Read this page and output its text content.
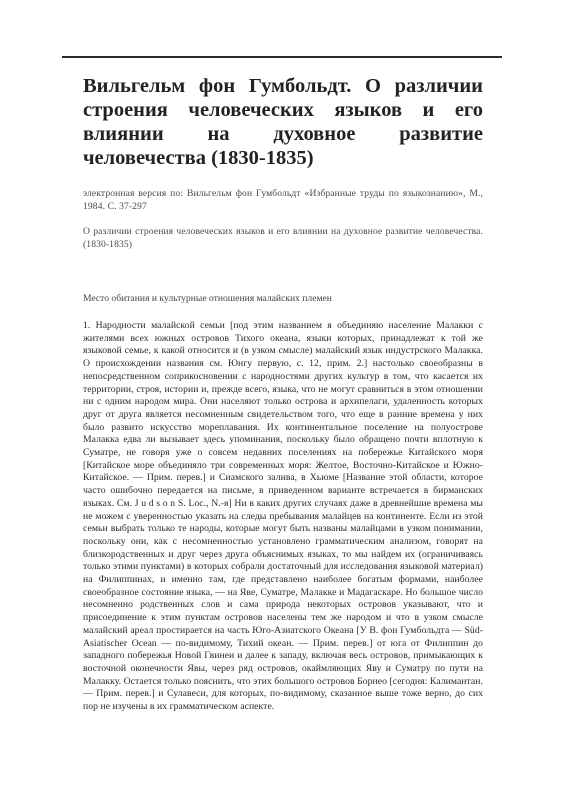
Вильгельм фон Гумбольдт. О различии
строения человеческих языков и его
влиянии на духовное развитие
человечества (1830-1835)

электронная версия по: Вильгельм фон Гумбольдт «Избранные труды по языкознанию», М., 1984. С. 37-297

О различии строения человеческих языков и его влиянии на духовное развитие человечества. (1830-1835)

Место обитания и культурные отношения малайских племен

1. Народности малайской семьи [под этим названием я объединяю население Малакки с жителями всех южных островов Тихого океана, языки которых, принадлежат к той же языковой семье, к какой относится и (в узком смысле) малайский язык индустрского Малакка. О происхождении названия см. Юнгу первую, с. 12, прим. 2.] настолько своеобразны в непосредственном соприкосновении с народностями других культур в том, что касается их территории, строя, истории и, прежде всего, языка, что не могут сравниться в этом отношении ни с одним народом мира. Они населяют только острова и архипелаги, удаленность которых друг от друга является несомненным свидетельством того, что еще в ранние времена у них было развито искусство мореплавания. Их континентальное поселение на полуострове Малакка едва ли вызывает здесь упоминания, поскольку было обращено почти вплотную к Суматре, не говоря уже о совсем недавних поселениях на побережье Китайского моря [Китайское море объединяло три современных моря: Желтое, Восточно-Китайское и Южно-Китайское. — Прим. перев.] и Сиамского залива, в Хьюме [Название этой области, которое часто ошибочно передается на письме, в приведенном варианте встречается в бирманских языках. См. J u d s o n S. Loc., N.-я] Ни в каких других случаях даже в древнейшие времена мы не можем с уверенностью указать на следы пребывания малайцев на континенте. Если из этой семьи выбрать только те народы, которые могут быть названы малайцами в узком понимании, поскольку они, как с несомненностью установлено грамматическим анализом, говорят на близкородственных и друг через друга объяснимых языках, то мы найдем их (ограничиваясь только этими пунктами) в которых собрали достаточный для исследования языковой материал) на Филиппинах, и именно там, где представлено наиболее богатым формами, наиболее своеобразное состояние языка, — на Яве, Суматре, Малакке и Мадагаскаре. Но большое число несомненно родственных слов и сама природа некоторых островов указывают, что и присоединение к этим пунктам островов населены тем же народом и что в узком смысле малайский ареал простирается на часть Юго-Азиатского Океана [У В. фон Гумбольдта — Süd-Asiatischer Ocean — по-видимому, Тихий океан. — Прим. перев.] от юга от Филиппин до западного побережья Новой Гвинеи и далее к западу, включая весь островов, примыкающих к восточной оконечности Явы, через ряд островов, окаймляющих Яву и Суматру по пути на Малакку. Остается только пояснить, что этих большого островов Борнео [сегодня: Калимантан. — Прим. перев.] и Сулавеси, для которых, по-видимому, сказанное выше тоже верно, до сих пор не изучены в их грамматическом аспекте.
